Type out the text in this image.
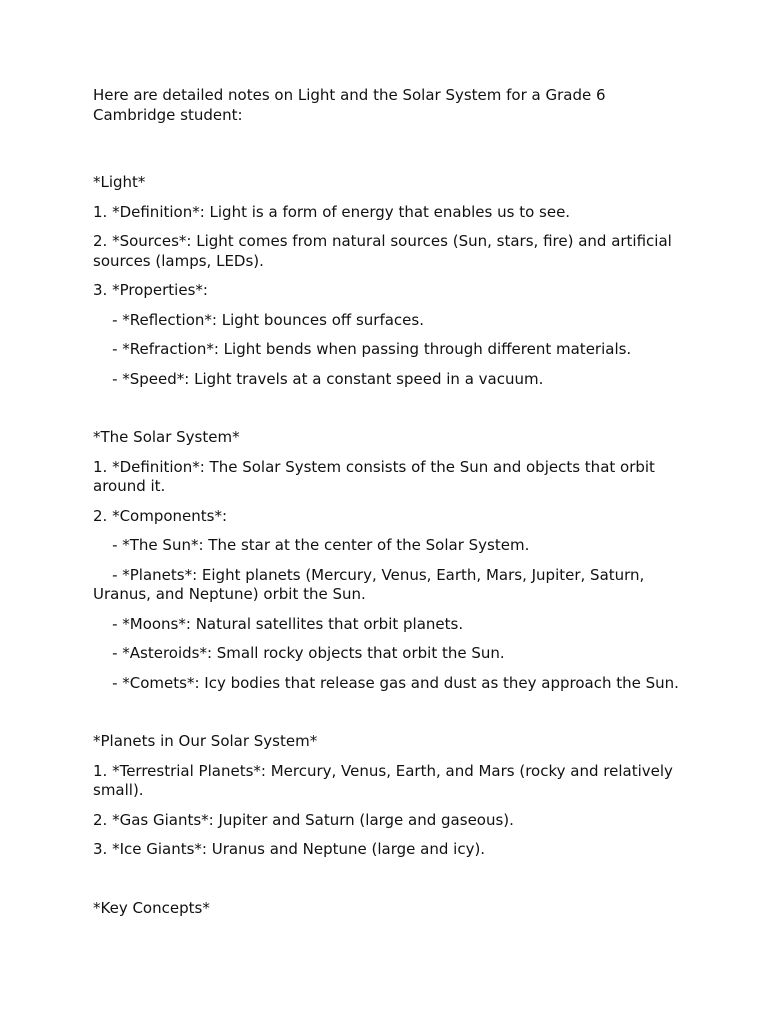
Here are detailed notes on Light and the Solar System for a Grade 6 Cambridge student:

*Light*

1. *Definition*: Light is a form of energy that enables us to see.

2. *Sources*: Light comes from natural sources (Sun, stars, fire) and artificial sources (lamps, LEDs).

3. *Properties*:

- *Reflection*: Light bounces off surfaces.

- *Refraction*: Light bends when passing through different materials.

- *Speed*: Light travels at a constant speed in a vacuum.

*The Solar System*

1. *Definition*: The Solar System consists of the Sun and objects that orbit around it.

2. *Components*:

- *The Sun*: The star at the center of the Solar System.

- *Planets*: Eight planets (Mercury, Venus, Earth, Mars, Jupiter, Saturn, Uranus, and Neptune) orbit the Sun.

- *Moons*: Natural satellites that orbit planets.

- *Asteroids*: Small rocky objects that orbit the Sun.

- *Comets*: Icy bodies that release gas and dust as they approach the Sun.

*Planets in Our Solar System*

1. *Terrestrial Planets*: Mercury, Venus, Earth, and Mars (rocky and relatively small).

2. *Gas Giants*: Jupiter and Saturn (large and gaseous).

3. *Ice Giants*: Uranus and Neptune (large and icy).

*Key Concepts*
